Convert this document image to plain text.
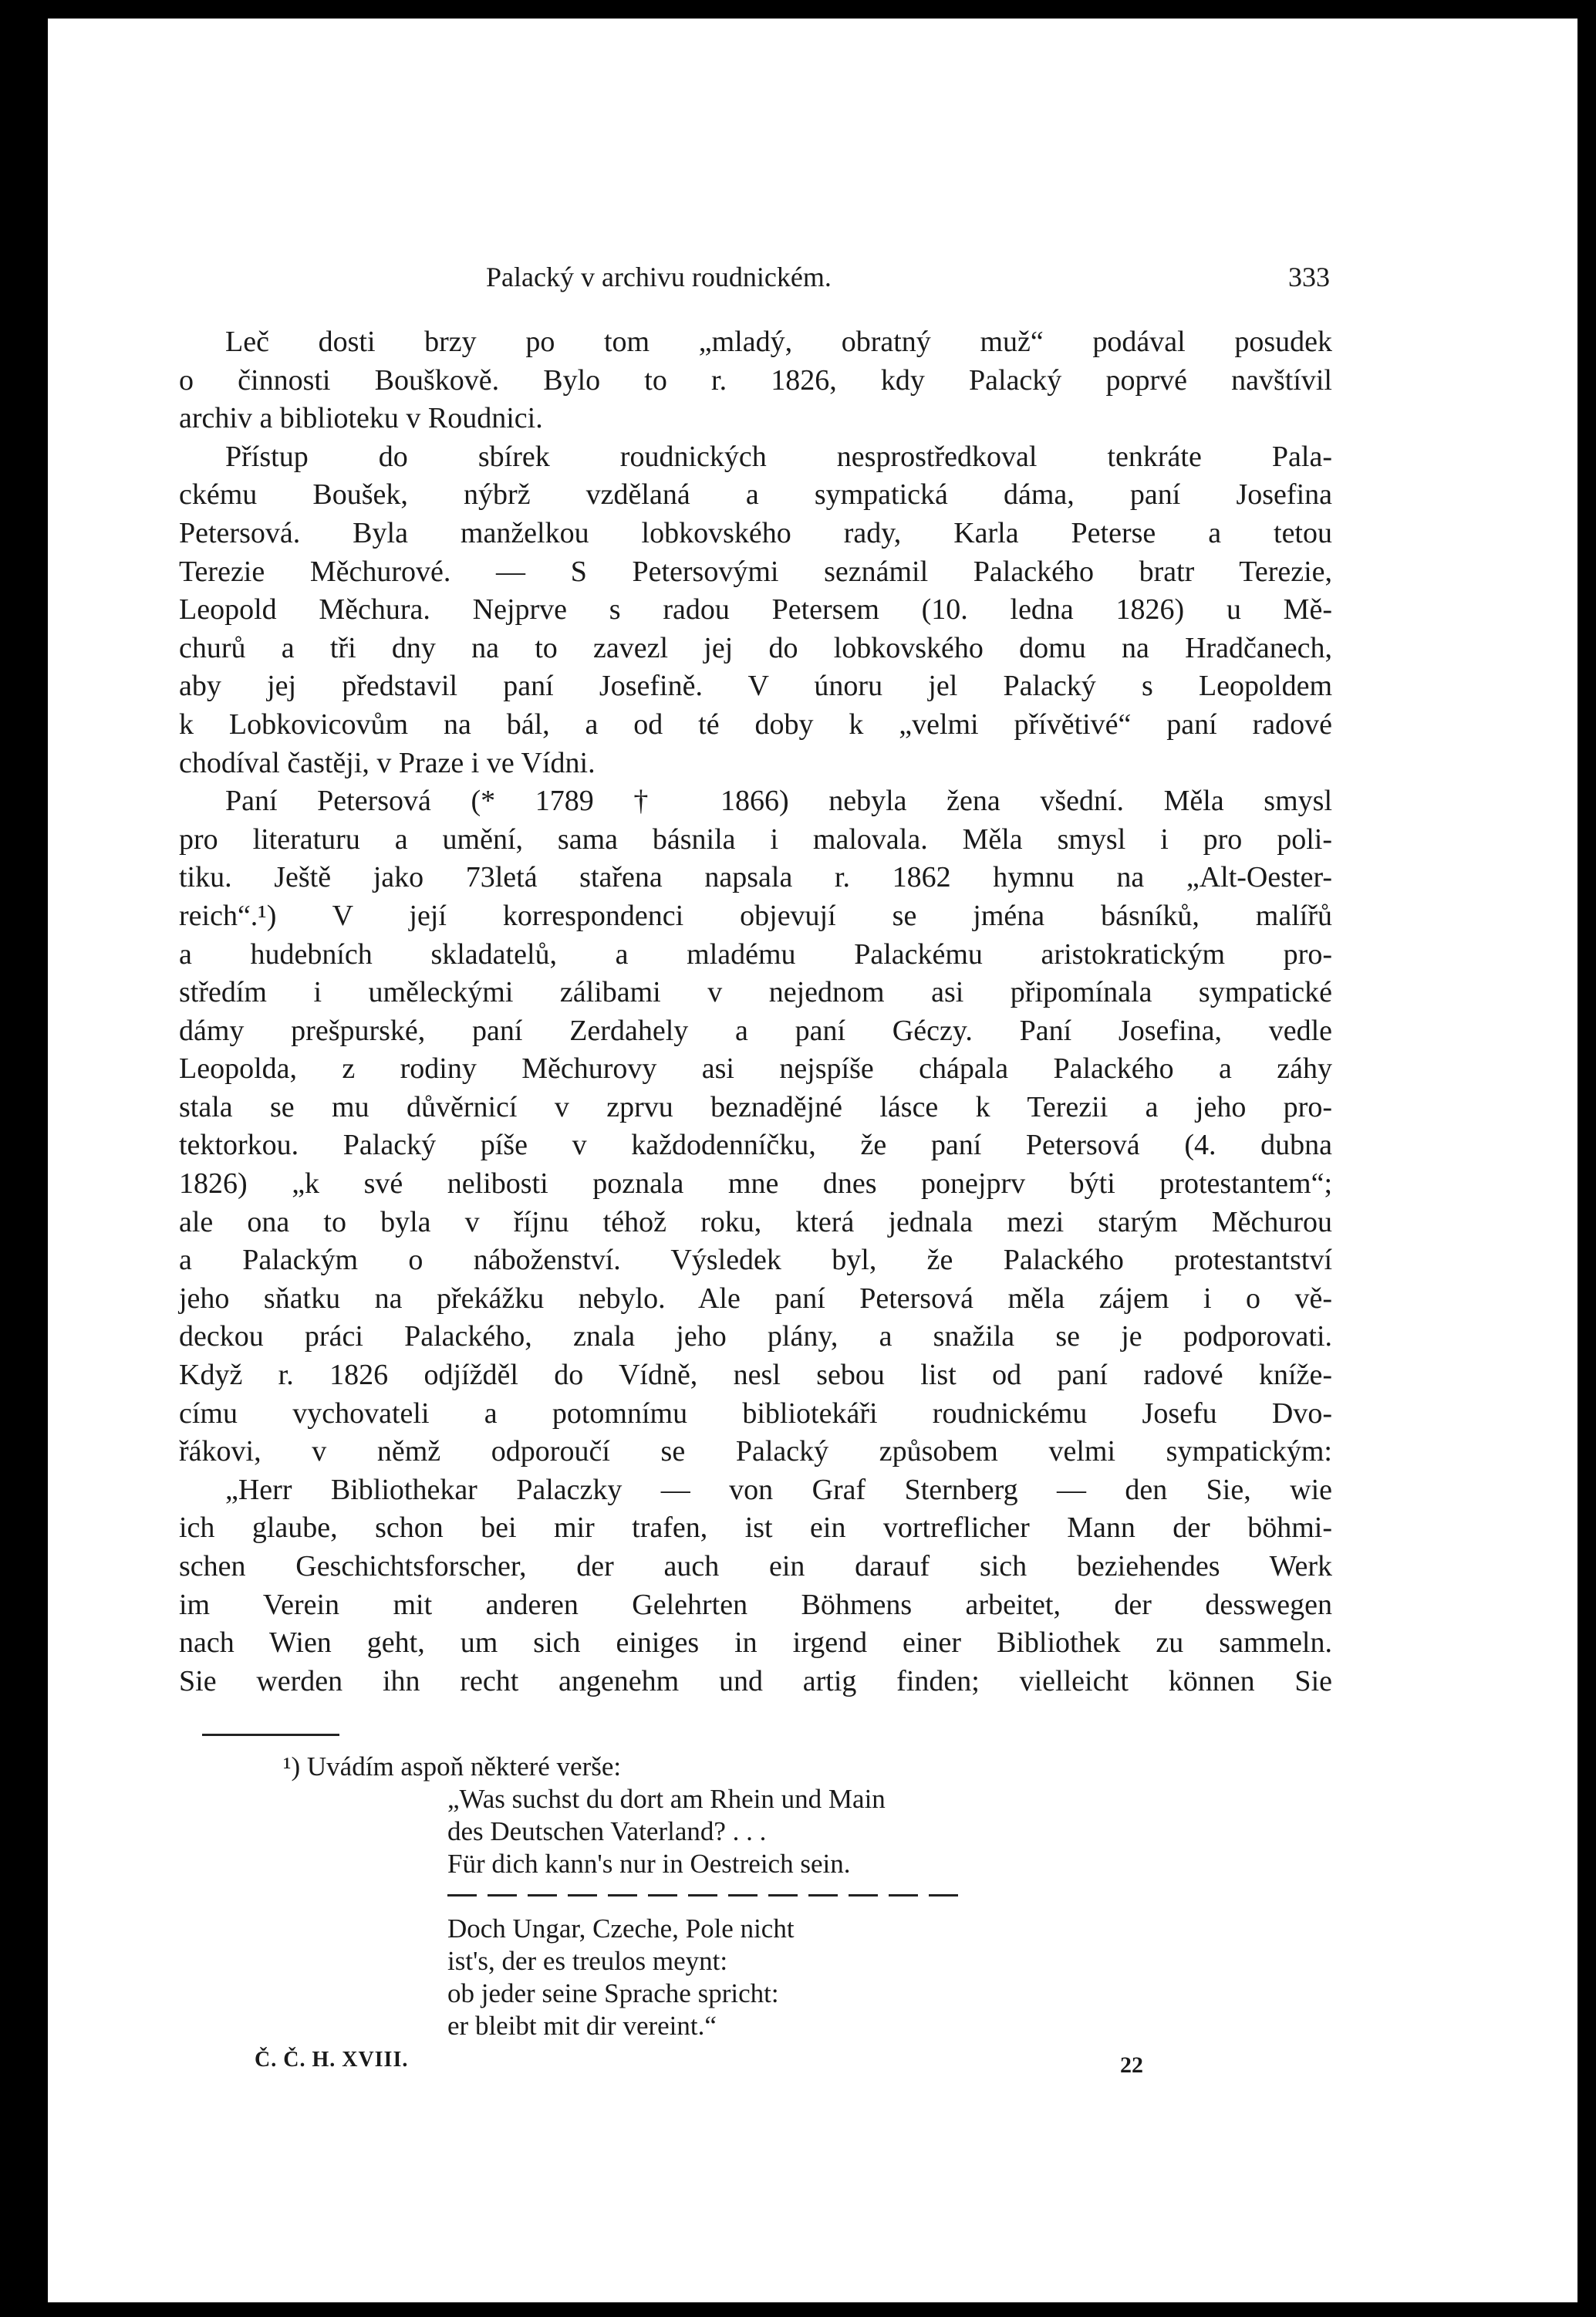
Palacký v archivu roudnickém.	333
Leč dosti brzy po tom „mladý, obratný muž“ podával posudek
o činnosti Bouškově. Bylo to r. 1826, kdy Palacký poprvé navštívil
archiv a biblioteku v Roudnici.
Přístup do sbírek roudnických nesprostředkoval tenkráte Pala-
ckému Boušek, nýbrž vzdělaná a sympatická dáma, paní Josefina
Petersová. Byla manželkou lobkovského rady, Karla Peterse a tetou
Terezie Měchurové. — S Petersovými seznámil Palackého bratr Terezie,
Leopold Měchura. Nejprve s radou Petersem (10. ledna 1826) u Mě-
churů a tři dny na to zavezl jej do lobkovského domu na Hradčanech,
aby jej představil paní Josefině. V únoru jel Palacký s Leopoldem
k Lobkovicovům na bál, a od té doby k „velmi přívětivé“ paní radové
chodíval častěji, v Praze i ve Vídni.
Paní Petersová (* 1789 † 1866) nebyla žena všední. Měla smysl
pro literaturu a umění, sama básnila i malovala. Měla smysl i pro poli-
tiku. Ještě jako 73letá stařena napsala r. 1862 hymnu na „Alt-Oester-
reich“.¹) V její korrespondenci objevují se jména básníků, malířů
a hudebních skladatelů, a mladému Palackému aristokratickým pro-
středím i uměleckými zálibami v nejednom asi připomínala sympatické
dámy prešpurské, paní Zerdahely a paní Géczy. Paní Josefina, vedle
Leopolda, z rodiny Měchurovy asi nejspíše chápala Palackého a záhy
stala se mu důvěrnicí v zprvu beznadějné lásce k Terezii a jeho pro-
tektorkou. Palacký píše v každodenníčku, že paní Petersová (4. dubna
1826) „k své nelibosti poznala mne dnes ponejprv býti protestantem“;
ale ona to byla v říjnu téhož roku, která jednala mezi starým Měchurou
a Palackým o náboženství. Výsledek byl, že Palackého protestantství
jeho sňatku na překážku nebylo. Ale paní Petersová měla zájem i o vě-
deckou práci Palackého, znala jeho plány, a snažila se je podporovati.
Když r. 1826 odjížděl do Vídně, nesl sebou list od paní radové kníže-
címu vychovateli a potomnímu bibliotekáři roudnickému Josefu Dvo-
řákovi, v němž odporoučí se Palacký způsobem velmi sympatickým:
„Herr Bibliothekar Palaczky — von Graf Sternberg — den Sie, wie
ich glaube, schon bei mir trafen, ist ein vortreflicher Mann der böhmi-
schen Geschichtsforscher, der auch ein darauf sich beziehendes Werk
im Verein mit anderen Gelehrten Böhmens arbeitet, der desswegen
nach Wien geht, um sich einiges in irgend einer Bibliothek zu sammeln.
Sie werden ihn recht angenehm und artig finden; vielleicht können Sie
¹) Uvádím aspoň některé verše:
„Was suchst du dort am Rhein und Main
des Deutschen Vaterland? . . .
Für dich kann's nur in Oestreich sein.
Doch Ungar, Czeche, Pole nicht
ist's, der es treulos meynt:
ob jeder seine Sprache spricht:
er bleibt mit dir vereint.“
Č. Č. H. XVIII.	22
